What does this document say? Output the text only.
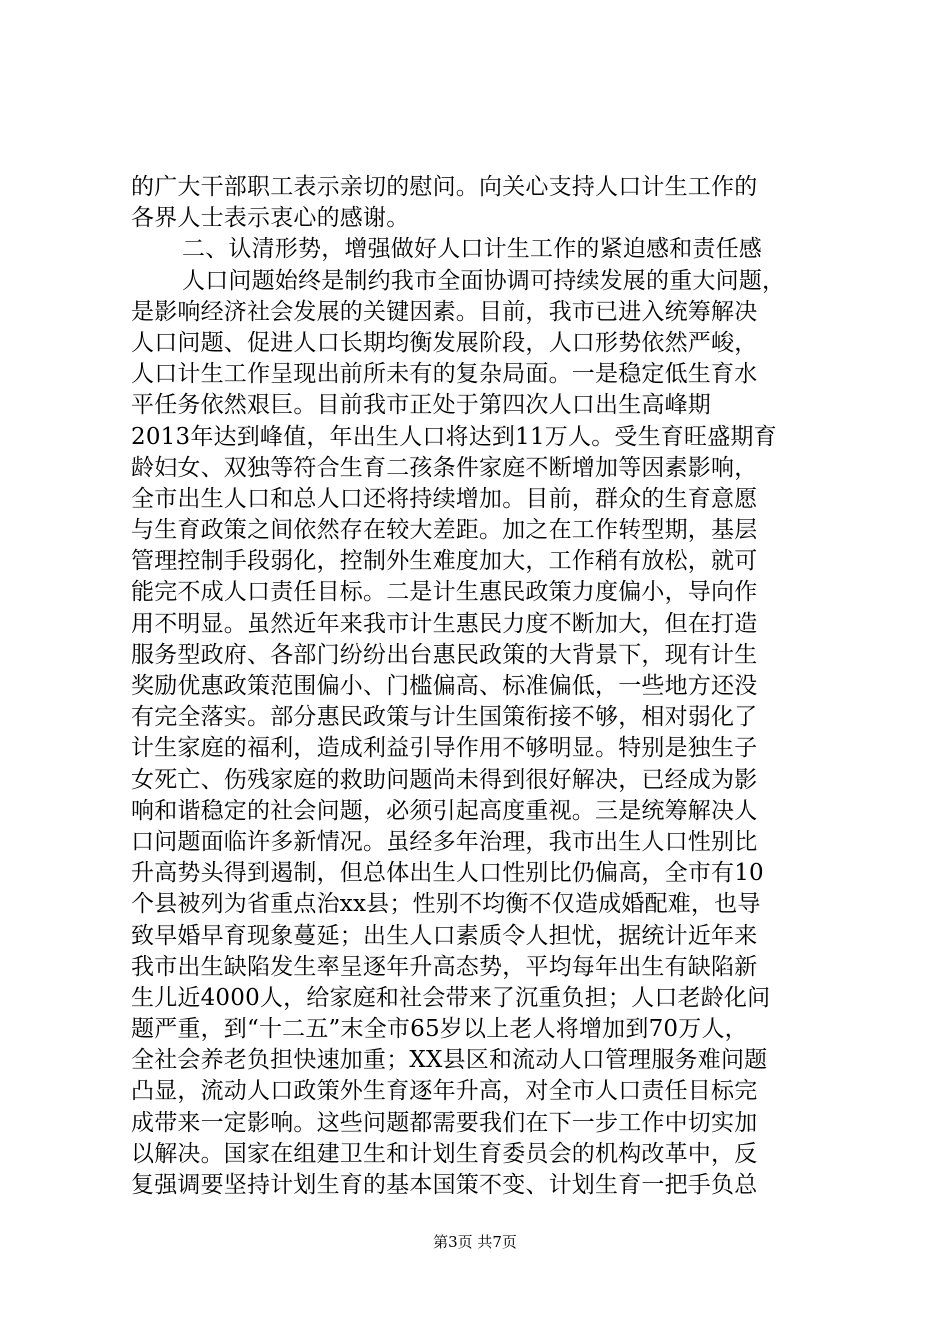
的广大干部职工表示亲切的慰问。向关心支持人口计生工作的
各界人士表示衷心的感谢。
二、认清形势，增强做好人口计生工作的紧迫感和责任感
人口问题始终是制约我市全面协调可持续发展的重大问题，
是影响经济社会发展的关键因素。目前，我市已进入统筹解决
人口问题、促进人口长期均衡发展阶段，人口形势依然严峻，
人口计生工作呈现出前所未有的复杂局面。一是稳定低生育水
平任务依然艰巨。目前我市正处于第四次人口出生高峰期
2013年达到峰值，年出生人口将达到11万人。受生育旺盛期育
龄妇女、双独等符合生育二孩条件家庭不断增加等因素影响，
全市出生人口和总人口还将持续增加。目前，群众的生育意愿
与生育政策之间依然存在较大差距。加之在工作转型期，基层
管理控制手段弱化，控制外生难度加大，工作稍有放松，就可
能完不成人口责任目标。二是计生惠民政策力度偏小，导向作
用不明显。虽然近年来我市计生惠民力度不断加大，但在打造
服务型政府、各部门纷纷出台惠民政策的大背景下，现有计生
奖励优惠政策范围偏小、门槛偏高、标准偏低，一些地方还没
有完全落实。部分惠民政策与计生国策衔接不够，相对弱化了
计生家庭的福利，造成利益引导作用不够明显。特别是独生子
女死亡、伤残家庭的救助问题尚未得到很好解决，已经成为影
响和谐稳定的社会问题，必须引起高度重视。三是统筹解决人
口问题面临许多新情况。虽经多年治理，我市出生人口性别比
升高势头得到遏制，但总体出生人口性别比仍偏高，全市有10
个县被列为省重点治xx县；性别不均衡不仅造成婚配难，也导
致早婚早育现象蔓延；出生人口素质令人担忧，据统计近年来
我市出生缺陷发生率呈逐年升高态势，平均每年出生有缺陷新
生儿近4000人，给家庭和社会带来了沉重负担；人口老龄化问
题严重，到“十二五”末全市65岁以上老人将增加到70万人，
全社会养老负担快速加重；XX县区和流动人口管理服务难问题
凸显，流动人口政策外生育逐年升高，对全市人口责任目标完
成带来一定影响。这些问题都需要我们在下一步工作中切实加
以解决。国家在组建卫生和计划生育委员会的机构改革中，反
复强调要坚持计划生育的基本国策不变、计划生育一把手负总
第3页 共7页
